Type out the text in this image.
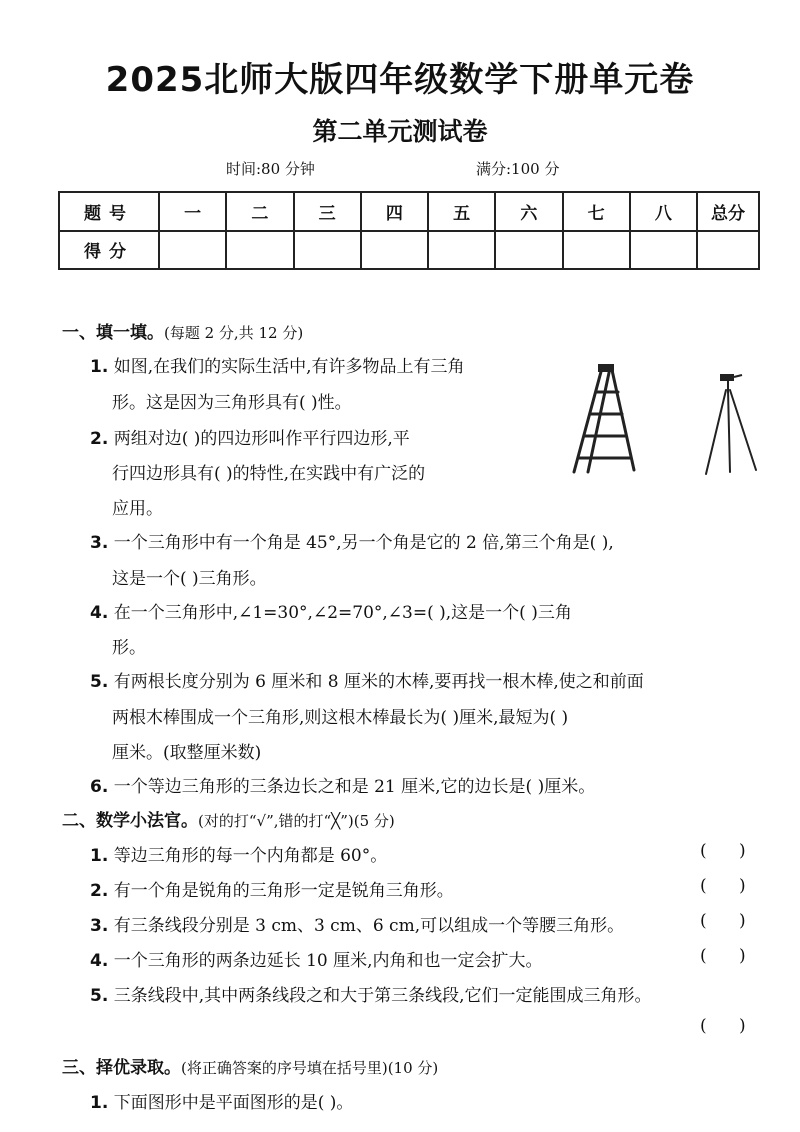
2025北师大版四年级数学下册单元卷
第二单元测试卷
时间:80 分钟	满分:100 分
题号	一	二	三	四	五	六	七	八	总分
得分									
一、填一填。(每题 2 分,共 12 分)
1. 如图,在我们的实际生活中,有许多物品上有三角
形。这是因为三角形具有( )性。
2. 两组对边( )的四边形叫作平行四边形,平
行四边形具有( )的特性,在实践中有广泛的
应用。
3. 一个三角形中有一个角是 45°,另一个角是它的 2 倍,第三个角是( ),
这是一个( )三角形。
4. 在一个三角形中,∠1=30°,∠2=70°,∠3=( ),这是一个( )三角
形。
5. 有两根长度分别为 6 厘米和 8 厘米的木棒,要再找一根木棒,使之和前面
两根木棒围成一个三角形,则这根木棒最长为( )厘米,最短为( )
厘米。(取整厘米数)
6. 一个等边三角形的三条边长之和是 21 厘米,它的边长是( )厘米。
二、数学小法官。(对的打“√”,错的打“╳”)(5 分)
1. 等边三角形的每一个内角都是 60°。	(      )
2. 有一个角是锐角的三角形一定是锐角三角形。	(      )
3. 有三条线段分别是 3 cm、3 cm、6 cm,可以组成一个等腰三角形。	(      )
4. 一个三角形的两条边延长 10 厘米,内角和也一定会扩大。	(      )
5. 三条线段中,其中两条线段之和大于第三条线段,它们一定能围成三角形。
(      )
三、择优录取。(将正确答案的序号填在括号里)(10 分)
1. 下面图形中是平面图形的是( )。
